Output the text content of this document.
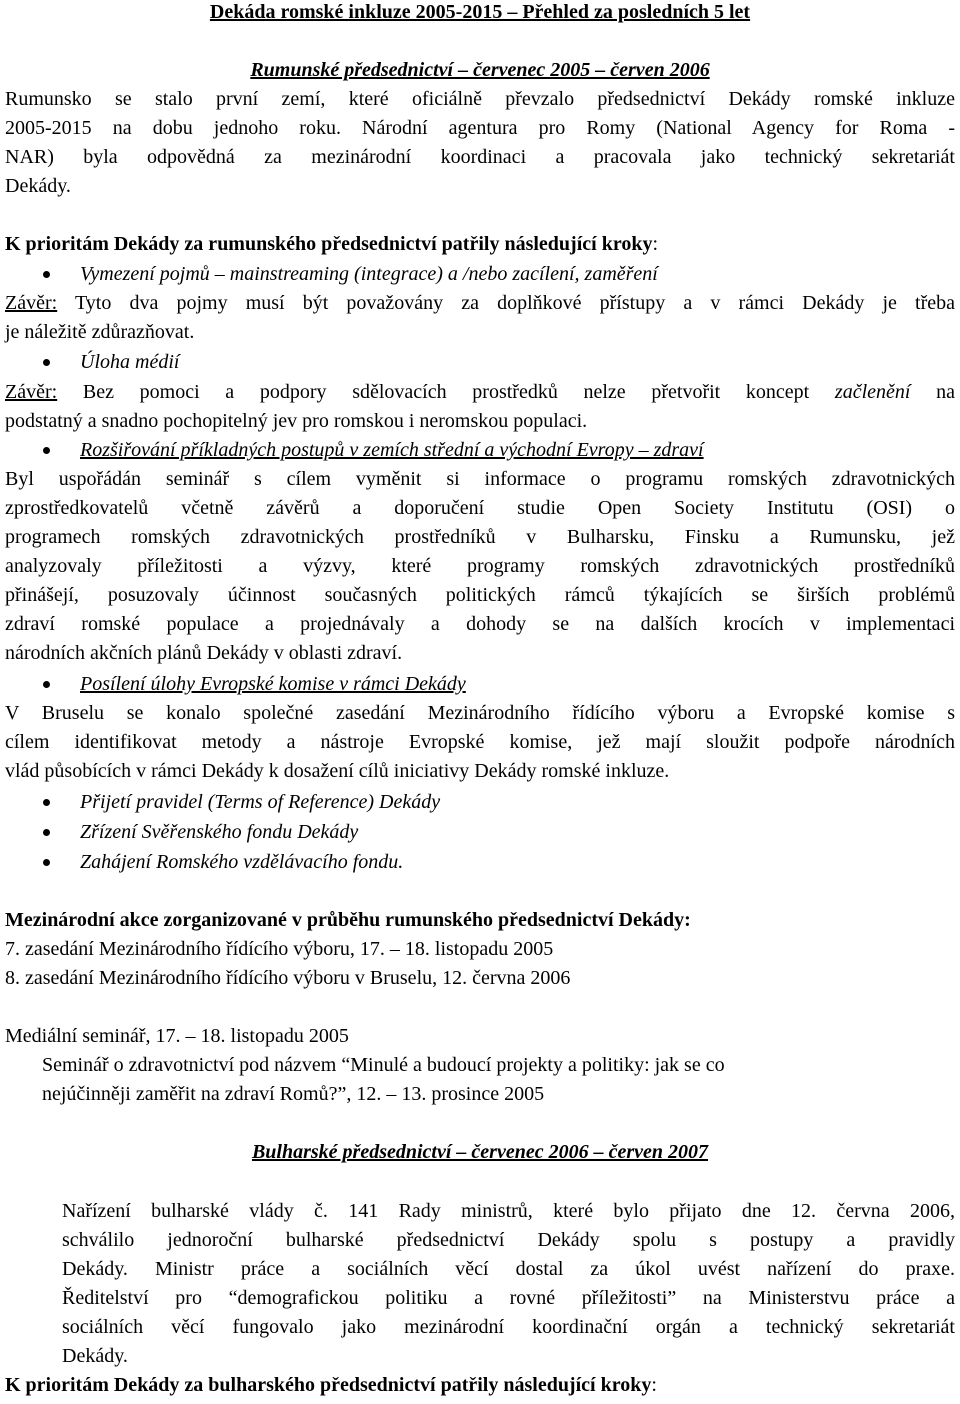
Dekáda romské inkluze 2005-2015 – Přehled za posledních 5 let
Rumunské předsednictví – červenec 2005 – červen 2006
Rumunsko se stalo první zemí, které oficiálně převzalo předsednictví Dekády romské inkluze
2005-2015 na dobu jednoho roku. Národní agentura pro Romy (National Agency for Roma -
NAR) byla odpovědná za mezinárodní koordinaci a pracovala jako technický sekretariát
Dekády.
K prioritám Dekády za rumunského předsednictví patřily následující kroky:
Vymezení pojmů – mainstreaming (integrace) a /nebo zacílení, zaměření
Závěr: Tyto dva pojmy musí být považovány za doplňkové přístupy a v rámci Dekády je třeba
je náležitě zdůrazňovat.
Úloha médií
Závěr: Bez pomoci a podpory sdělovacích prostředků nelze přetvořit koncept začlenění na
podstatný a snadno pochopitelný jev pro romskou i neromskou populaci.
Rozšiřování příkladných postupů v zemích střední a východní Evropy – zdraví
Byl uspořádán seminář s cílem vyměnit si informace o programu romských zdravotnických
zprostředkovatelů včetně závěrů a doporučení studie Open Society Institutu (OSI) o
programech romských zdravotnických prostředníků v Bulharsku, Finsku a Rumunsku, jež
analyzovaly příležitosti a výzvy, které programy romských zdravotnických prostředníků
přinášejí, posuzovaly účinnost současných politických rámců týkajících se širších problémů
zdraví romské populace a projednávaly a dohody se na dalších krocích v implementaci
národních akčních plánů Dekády v oblasti zdraví.
Posílení úlohy Evropské komise v rámci Dekády
V Bruselu se konalo společné zasedání Mezinárodního řídícího výboru a Evropské komise s
cílem identifikovat metody a nástroje Evropské komise, jež mají sloužit podpoře národních
vlád působících v rámci Dekády k dosažení cílů iniciativy Dekády romské inkluze.
Přijetí pravidel (Terms of Reference) Dekády
Zřízení Svěřenského fondu Dekády
Zahájení Romského vzdělávacího fondu.
Mezinárodní akce zorganizované v průběhu rumunského předsednictví Dekády:
7. zasedání Mezinárodního řídícího výboru, 17. – 18. listopadu 2005
8. zasedání Mezinárodního řídícího výboru v Bruselu, 12. června 2006
Mediální seminář, 17. – 18. listopadu 2005
Seminář o zdravotnictví pod názvem “Minulé a budoucí projekty a politiky: jak se co
nejúčinněji zaměřit na zdraví Romů?”, 12. – 13. prosince 2005
Bulharské předsednictví – červenec 2006 – červen 2007
Nařízení bulharské vlády č. 141 Rady ministrů, které bylo přijato dne 12. června 2006,
schválilo jednoroční bulharské předsednictví Dekády spolu s postupy a pravidly
Dekády. Ministr práce a sociálních věcí dostal za úkol uvést nařízení do praxe.
Ředitelství pro “demografickou politiku a rovné příležitosti” na Ministerstvu práce a
sociálních věcí fungovalo jako mezinárodní koordinační orgán a technický sekretariát
Dekády.
K prioritám Dekády za bulharského předsednictví patřily následující kroky:
